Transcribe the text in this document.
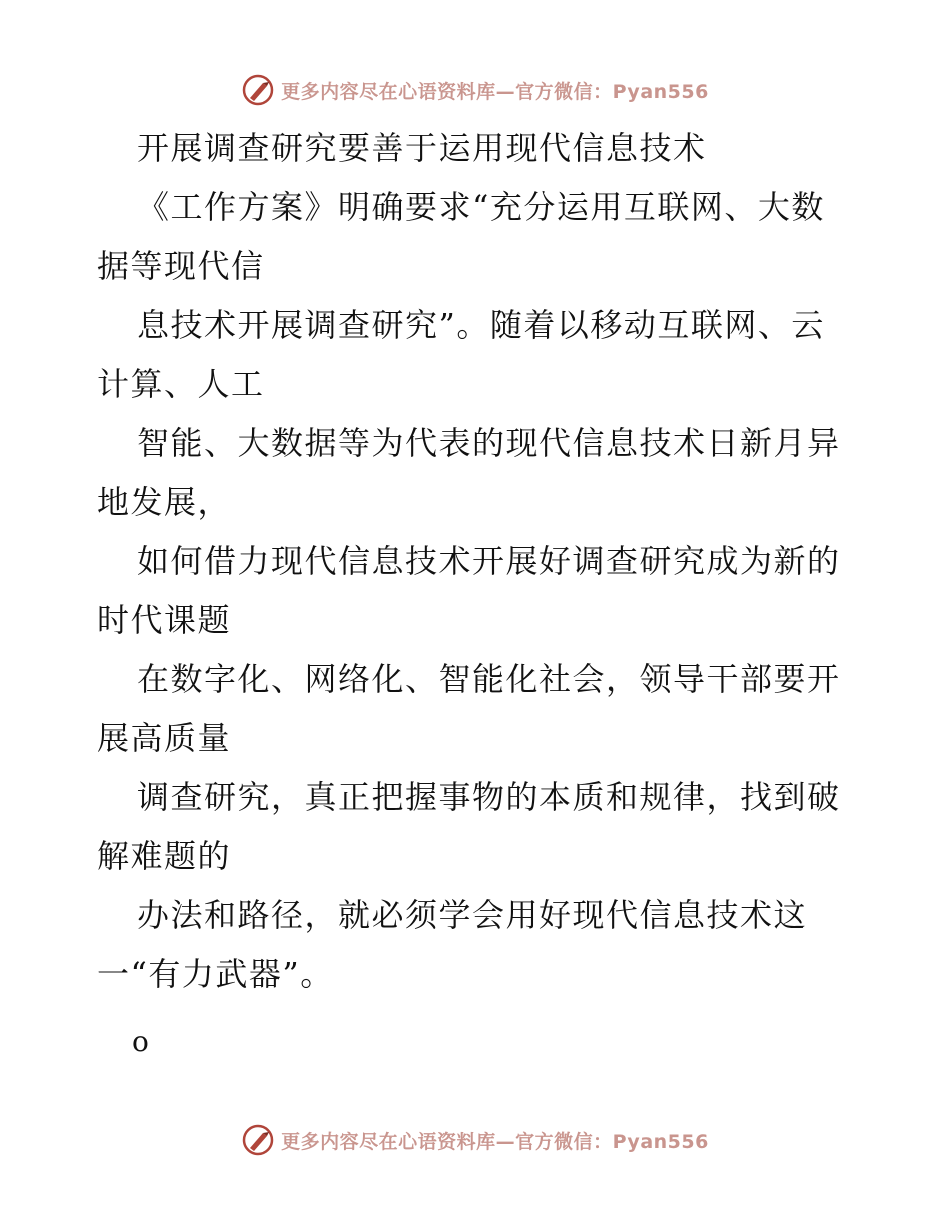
更多内容尽在心语资料库—官方微信：Pyan556

开展调查研究要善于运用现代信息技术

《工作方案》明确要求“充分运用互联网、大数据等现代信

息技术开展调查研究”。随着以移动互联网、云计算、人工

智能、大数据等为代表的现代信息技术日新月异地发展，

如何借力现代信息技术开展好调查研究成为新的时代课题

在数字化、网络化、智能化社会，领导干部要开展高质量

调查研究，真正把握事物的本质和规律，找到破解难题的

办法和路径，就必须学会用好现代信息技术这一“有力武器”。

o

更多内容尽在心语资料库—官方微信：Pyan556
